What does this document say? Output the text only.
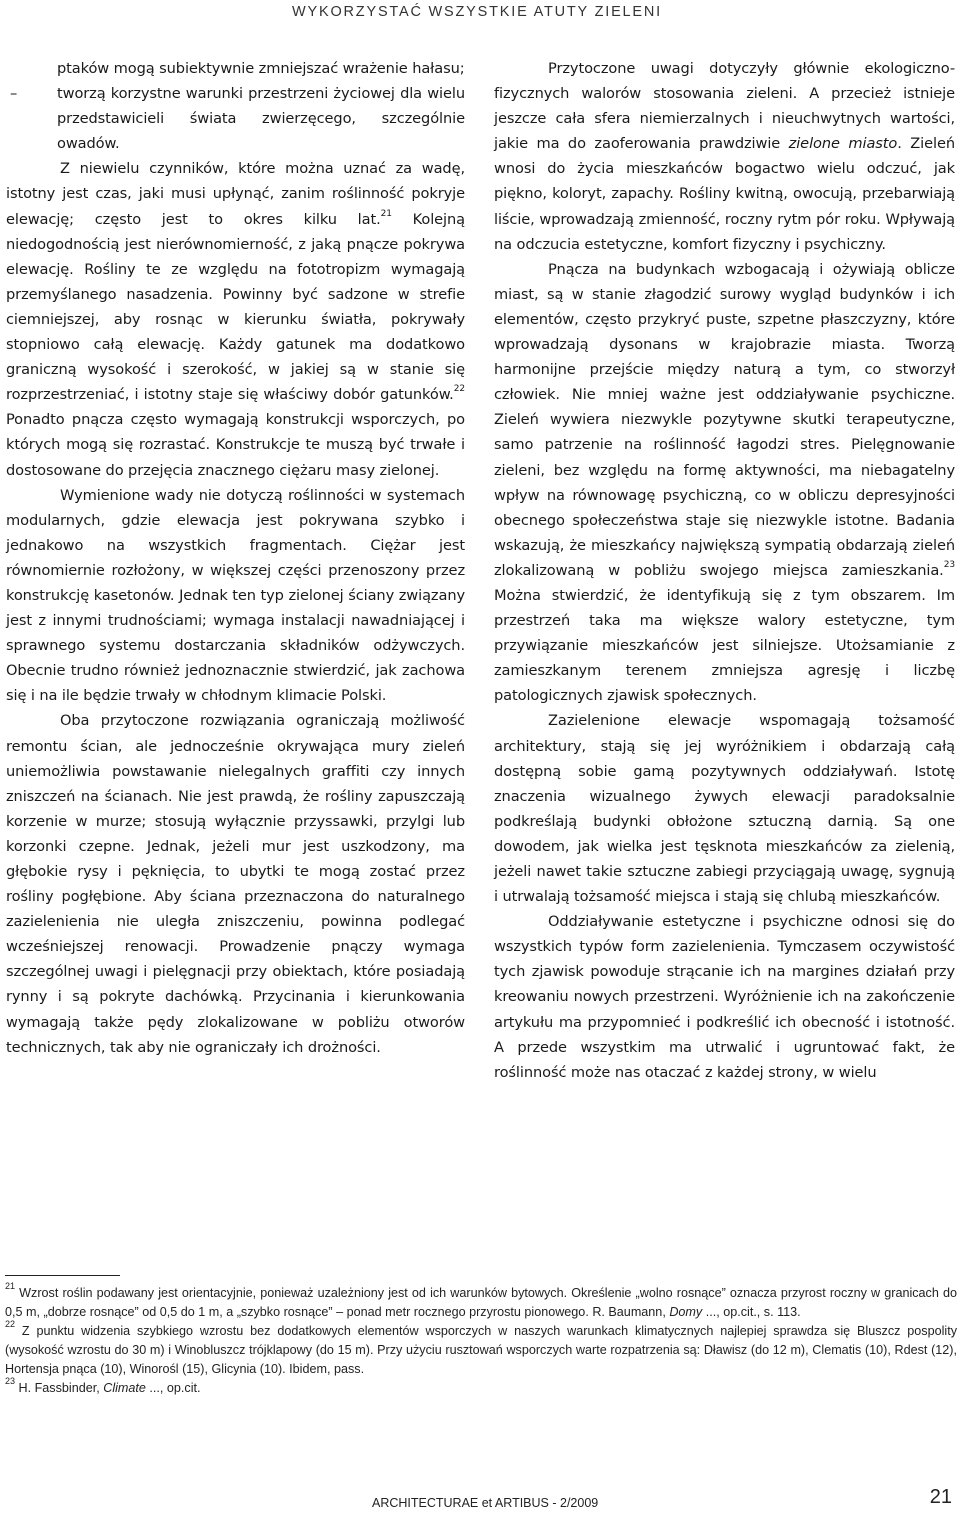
WYKORZYSTAĆ WSZYSTKIE ATUTY ZIELENI

ptaków mogą subiektywnie zmniejszać wrażenie hałasu;

–	tworzą korzystne warunki przestrzeni życiowej dla wielu przedstawicieli świata zwierzęcego, szczególnie owadów.

Z niewielu czynników, które można uznać za wadę, istotny jest czas, jaki musi upłynąć, zanim roślinność pokryje elewację; często jest to okres kilku lat.$^{21}$ Kolejną niedogodnością jest nierównomierność, z jaką pnącze pokrywa elewację. Rośliny te ze względu na fototropizm wymagają przemyślanego nasadzenia. Powinny być sadzone w strefie ciemniejszej, aby rosnąc w kierunku światła, pokrywały stopniowo całą elewację. Każdy gatunek ma dodatkowo graniczną wysokość i szerokość, w jakiej są w stanie się rozprzestrzeniać, i istotny staje się właściwy dobór gatunków.$^{22}$ Ponadto pnącza często wymagają konstrukcji wsporczych, po których mogą się rozrastać. Konstrukcje te muszą być trwałe i dostosowane do przejęcia znacznego ciężaru masy zielonej.

Wymienione wady nie dotyczą roślinności w systemach modularnych, gdzie elewacja jest pokrywana szybko i jednakowo na wszystkich fragmentach. Ciężar jest równomiernie rozłożony, w większej części przenoszony przez konstrukcję kasetonów. Jednak ten typ zielonej ściany związany jest z innymi trudnościami; wymaga instalacji nawadniającej i sprawnego systemu dostarczania składników odżywczych. Obecnie trudno również jednoznacznie stwierdzić, jak zachowa się i na ile będzie trwały w chłodnym klimacie Polski.

Oba przytoczone rozwiązania ograniczają możliwość remontu ścian, ale jednocześnie okrywająca mury zieleń uniemożliwia powstawanie nielegalnych graffiti czy innych zniszczeń na ścianach. Nie jest prawdą, że rośliny zapuszczają korzenie w murze; stosują wyłącznie przyssawki, przylgi lub korzonki czepne. Jednak, jeżeli mur jest uszkodzony, ma głębokie rysy i pęknięcia, to ubytki te mogą zostać przez rośliny pogłębione. Aby ściana przeznaczona do naturalnego zazielenienia nie uległa zniszczeniu, powinna podlegać wcześniejszej renowacji. Prowadzenie pnączy wymaga szczególnej uwagi i pielęgnacji przy obiektach, które posiadają rynny i są pokryte dachówką. Przycinania i kierunkowania wymagają także pędy zlokalizowane w pobliżu otworów technicznych, tak aby nie ograniczały ich drożności.

Przytoczone uwagi dotyczyły głównie ekologiczno-fizycznych walorów stosowania zieleni. A przecież istnieje jeszcze cała sfera niemierzalnych i nieuchwytnych wartości, jakie ma do zaoferowania prawdziwie zielone miasto. Zieleń wnosi do życia mieszkańców bogactwo wielu odczuć, jak piękno, koloryt, zapachy. Rośliny kwitną, owocują, przebarwiają liście, wprowadzają zmienność, roczny rytm pór roku. Wpływają na odczucia estetyczne, komfort fizyczny i psychiczny.

Pnącza na budynkach wzbogacają i ożywiają oblicze miast, są w stanie złagodzić surowy wygląd budynków i ich elementów, często przykryć puste, szpetne płaszczyzny, które wprowadzają dysonans w krajobrazie miasta. Tworzą harmonijne przejście między naturą a tym, co stworzył człowiek. Nie mniej ważne jest oddziaływanie psychiczne. Zieleń wywiera niezwykle pozytywne skutki terapeutyczne, samo patrzenie na roślinność łagodzi stres. Pielęgnowanie zieleni, bez względu na formę aktywności, ma niebagatelny wpływ na równowagę psychiczną, co w obliczu depresyjności obecnego społeczeństwa staje się niezwykle istotne. Badania wskazują, że mieszkańcy największą sympatią obdarzają zieleń zlokalizowaną w pobliżu swojego miejsca zamieszkania.$^{23}$ Można stwierdzić, że identyfikują się z tym obszarem. Im przestrzeń taka ma większe walory estetyczne, tym przywiązanie mieszkańców jest silniejsze. Utożsamianie z zamieszkanym terenem zmniejsza agresję i liczbę patologicznych zjawisk społecznych.

Zazielenione elewacje wspomagają tożsamość architektury, stają się jej wyróżnikiem i obdarzają całą dostępną sobie gamą pozytywnych oddziaływań. Istotę znaczenia wizualnego żywych elewacji paradoksalnie podkreślają budynki obłożone sztuczną darnią. Są one dowodem, jak wielka jest tęsknota mieszkańców za zielenią, jeżeli nawet takie sztuczne zabiegi przyciągają uwagę, sygnują i utrwalają tożsamość miejsca i stają się chlubą mieszkańców.

Oddziaływanie estetyczne i psychiczne odnosi się do wszystkich typów form zazielenienia. Tymczasem oczywistość tych zjawisk powoduje strącanie ich na margines działań przy kreowaniu nowych przestrzeni. Wyróżnienie ich na zakończenie artykułu ma przypomnieć i podkreślić ich obecność i istotność. A przede wszystkim ma utrwalić i ugruntować fakt, że roślinność może nas otaczać z każdej strony, w wielu

$^{21}$ Wzrost roślin podawany jest orientacyjnie, ponieważ uzależniony jest od ich warunków bytowych. Określenie „wolno rosnące” oznacza przyrost roczny w granicach do 0,5 m, „dobrze rosnące” od 0,5 do 1 m, a „szybko rosnące” – ponad metr rocznego przyrostu pionowego. R. Baumann, Domy ..., op.cit., s. 113.

$^{22}$ Z punktu widzenia szybkiego wzrostu bez dodatkowych elementów wsporczych w naszych warunkach klimatycznych najlepiej sprawdza się Bluszcz pospolity (wysokość wzrostu do 30 m) i Winobluszcz trójklapowy (do 15 m). Przy użyciu rusztowań wsporczych warte rozpatrzenia są: Dławisz (do 12 m), Clematis (10), Rdest (12), Hortensja pnąca (10), Winorośl (15), Glicynia (10). Ibidem, pass.

$^{23}$ H. Fassbinder, Climate ..., op.cit.

ARCHITECTURAE et ARTIBUS - 2/2009	21
